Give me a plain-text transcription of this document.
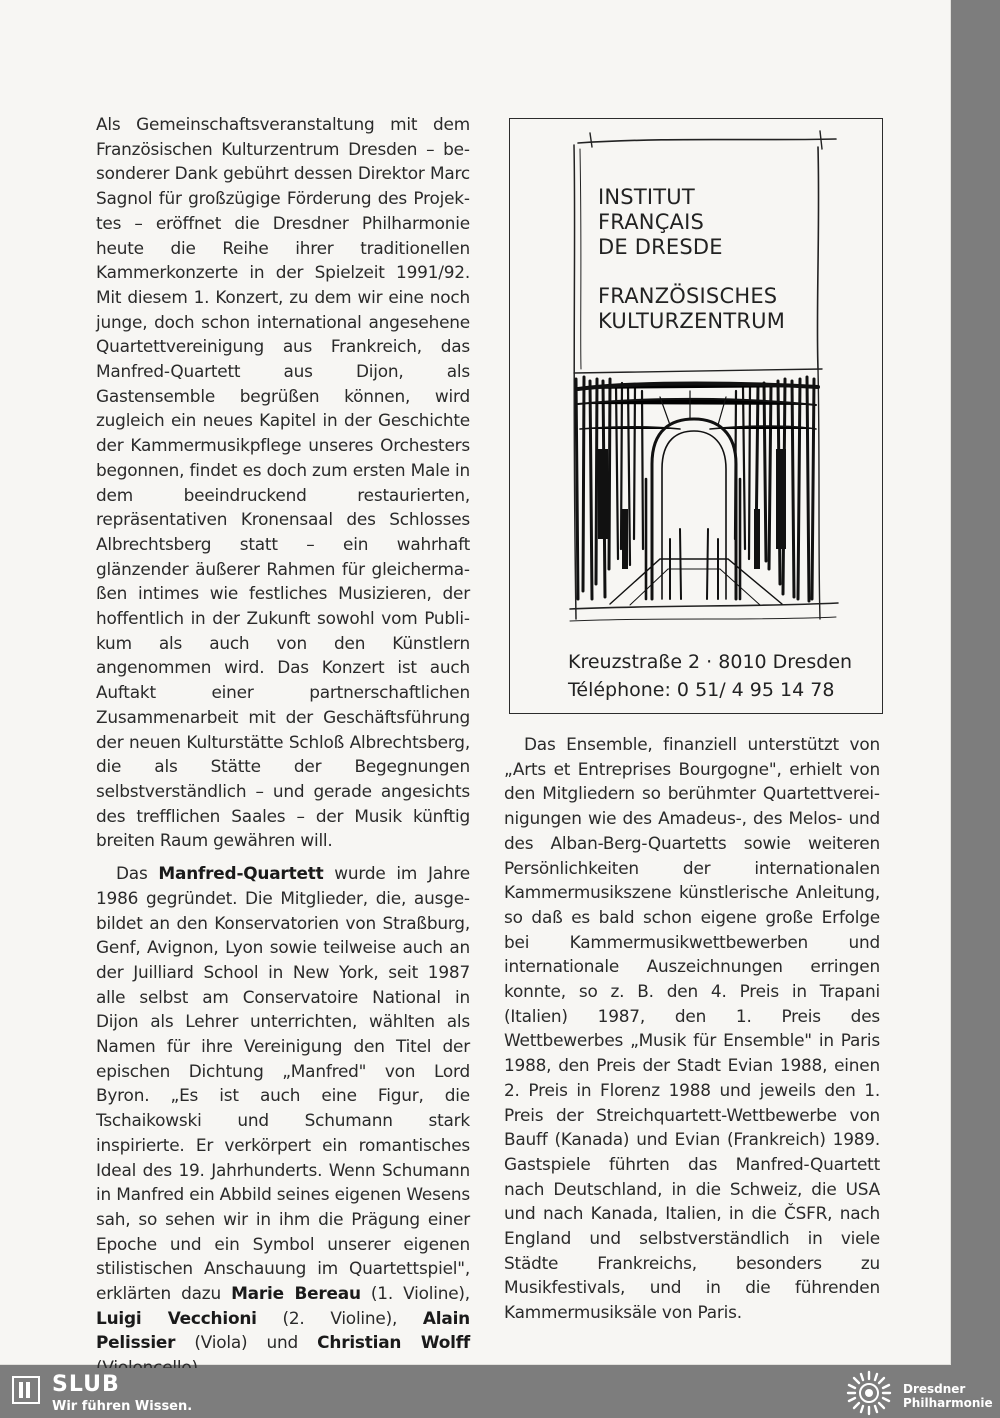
Als Gemeinschaftsveranstaltung mit dem Französischen Kulturzentrum Dresden – besonderer Dank gebührt dessen Direktor Marc Sagnol für großzügige Förderung des Projektes – eröffnet die Dresdner Philharmonie heute die Reihe ihrer traditionellen Kammerkonzerte in der Spielzeit 1991/92. Mit diesem 1. Konzert, zu dem wir eine noch junge, doch schon international angesehene Quartettvereinigung aus Frankreich, das Manfred-Quartett aus Dijon, als Gastensemble begrüßen können, wird zugleich ein neues Kapitel in der Geschichte der Kammermusikpflege unseres Orchesters begonnen, findet es doch zum ersten Male in dem beeindruckend restaurierten, repräsentativen Kronensaal des Schlosses Albrechtsberg statt – ein wahrhaft glänzender äußerer Rahmen für gleichermaßen intimes wie festliches Musizieren, der hoffentlich in der Zukunft sowohl vom Publikum als auch von den Künstlern angenommen wird. Das Konzert ist auch Auftakt einer partnerschaftlichen Zusammenarbeit mit der Geschäftsführung der neuen Kulturstätte Schloß Albrechtsberg, die als Stätte der Begegnungen selbstverständlich – und gerade angesichts des trefflichen Saales – der Musik künftig breiten Raum gewähren will.

Das Manfred-Quartett wurde im Jahre 1986 gegründet. Die Mitglieder, die, ausgebildet an den Konservatorien von Straßburg, Genf, Avignon, Lyon sowie teilweise auch an der Juilliard School in New York, seit 1987 alle selbst am Conservatoire National in Dijon als Lehrer unterrichten, wählten als Namen für ihre Vereinigung den Titel der epischen Dichtung „Manfred" von Lord Byron. „Es ist auch eine Figur, die Tschaikowski und Schumann stark inspirierte. Er verkörpert ein romantisches Ideal des 19. Jahrhunderts. Wenn Schumann in Manfred ein Abbild seines eigenen Wesens sah, so sehen wir in ihm die Prägung einer Epoche und ein Symbol unserer eigenen stilistischen Anschauung im Quartettspiel", erklärten dazu Marie Bereau (1. Violine), Luigi Vecchioni (2. Violine), Alain Pelissier (Viola) und Christian Wolff

INSTITUT
FRANÇAIS
DE DRESDE
FRANZÖSISCHES
KULTURZENTRUM
Kreuzstraße 2 · 8010 Dresden
Téléphone: 0 51/ 4 95 14 78

Das Ensemble, finanziell unterstützt von „Arts et Entreprises Bourgogne", erhielt von den Mitgliedern so berühmter Quartettvereinigungen wie des Amadeus-, des Melos- und des Alban-Berg-Quartetts sowie weiteren Persönlichkeiten der internationalen Kammermusikszene künstlerische Anleitung, so daß es bald schon eigene große Erfolge bei Kammermusikwettbewerben und internationale Auszeichnungen erringen konnte, so z. B. den 4. Preis in Trapani (Italien) 1987, den 1. Preis des Wettbewerbes „Musik für Ensemble" in Paris 1988, den Preis der Stadt Evian 1988, einen 2. Preis in Florenz 1988 und jeweils den 1. Preis der Streichquartett-Wettbewerbe von Bauff (Kanada) und Evian (Frankreich) 1989. Gastspiele führten das Manfred-Quartett nach Deutschland, in die Schweiz, die USA und nach Kanada, Italien, in die ČSFR, nach England und selbstverständlich in viele Städte Frankreichs, besonders zu Musikfestivals, und in die führenden Kammermusiksäle von Paris.

SLUB
Wir führen Wissen.
Dresdner
Philharmonie
